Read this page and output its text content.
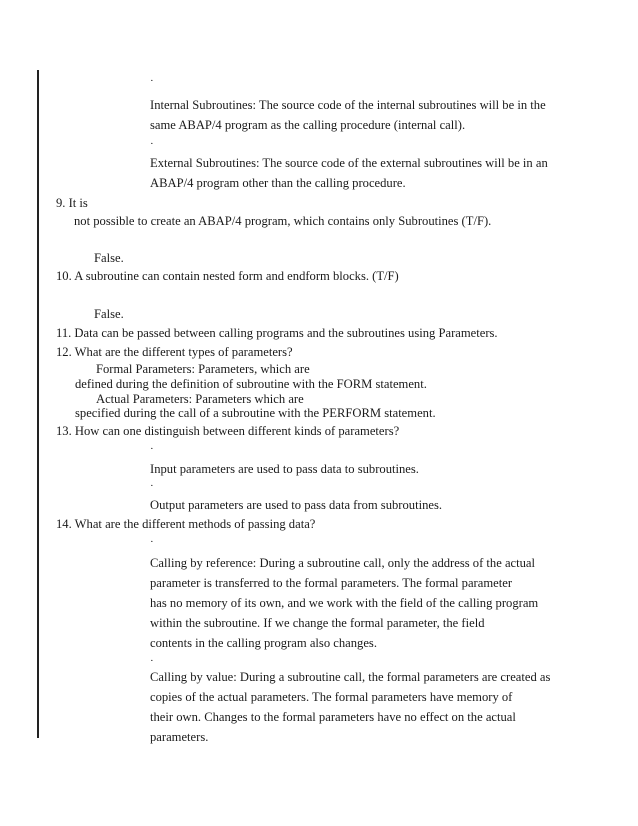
·
Internal Subroutines: The source code of the internal subroutines will be in the
same ABAP/4 program as the calling procedure (internal call).
·
External Subroutines: The source code of the external subroutines will be in an
ABAP/4 program other than the calling procedure.
9. It is
not possible to create an ABAP/4 program, which contains only Subroutines (T/F).
False.
10. A subroutine can contain nested form and endform blocks. (T/F)
False.
11. Data can be passed between calling programs and the subroutines using Parameters.
12. What are the different types of parameters?
Formal Parameters: Parameters, which are
defined during the definition of subroutine with the FORM statement.
Actual Parameters: Parameters which are
specified during the call of a subroutine with the PERFORM statement.
13. How can one distinguish between different kinds of parameters?
·
Input parameters are used to pass data to subroutines.
·
Output parameters are used to pass data from subroutines.
14. What are the different methods of passing data?
·
Calling by reference: During a subroutine call, only the address of the actual
parameter is transferred to the formal parameters. The formal parameter
has no memory of its own, and we work with the field of the calling program
within the subroutine. If we change the formal parameter, the field
contents in the calling program also changes.
·
Calling by value: During a subroutine call, the formal parameters are created as
copies of the actual parameters. The formal parameters have memory of
their own. Changes to the formal parameters have no effect on the actual
parameters.
